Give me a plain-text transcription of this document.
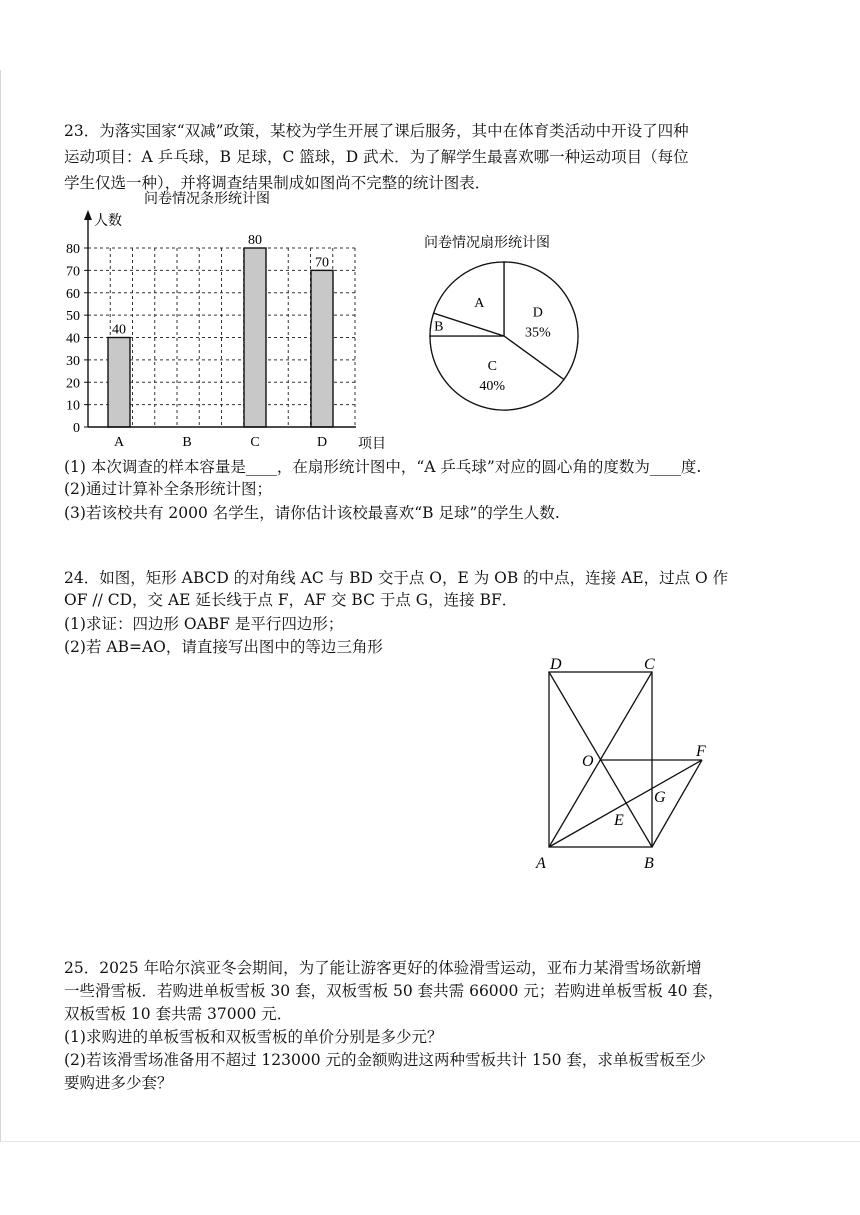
23．为落实国家“双减”政策，某校为学生开展了课后服务，其中在体育类活动中开设了四种
运动项目：A 乒乓球，B 足球，C 篮球，D 武术．为了解学生最喜欢哪一种运动项目（每位
学生仅选一种），并将调查结果制成如图尚不完整的统计图表．
问卷情况条形统计图
人数
项目
0
10
20
30
40
50
60
70
80
40
80
70
A	B	C	D
问卷情况扇形统计图
A
B
C
40%
D
35%
(1) 本次调查的样本容量是____，在扇形统计图中，“A 乒乓球”对应的圆心角的度数为____度.
(2)通过计算补全条形统计图；
(3)若该校共有 2000 名学生，请你估计该校最喜欢“B 足球”的学生人数.
24．如图，矩形 ABCD 的对角线 AC 与 BD 交于点 O，E 为 OB 的中点，连接 AE，过点 O 作
OF // CD，交 AE 延长线于点 F，AF 交 BC 于点 G，连接 BF．
(1)求证：四边形 OABF 是平行四边形；
(2)若 AB=AO，请直接写出图中的等边三角形
A	B
C
D
O
E
F
G
25．2025 年哈尔滨亚冬会期间，为了能让游客更好的体验滑雪运动，亚布力某滑雪场欲新增
一些滑雪板．若购进单板雪板 30 套，双板雪板 50 套共需 66000 元；若购进单板雪板 40 套，
双板雪板 10 套共需 37000 元．
(1)求购进的单板雪板和双板雪板的单价分别是多少元？
(2)若该滑雪场准备用不超过 123000 元的金额购进这两种雪板共计 150 套，求单板雪板至少
要购进多少套？
